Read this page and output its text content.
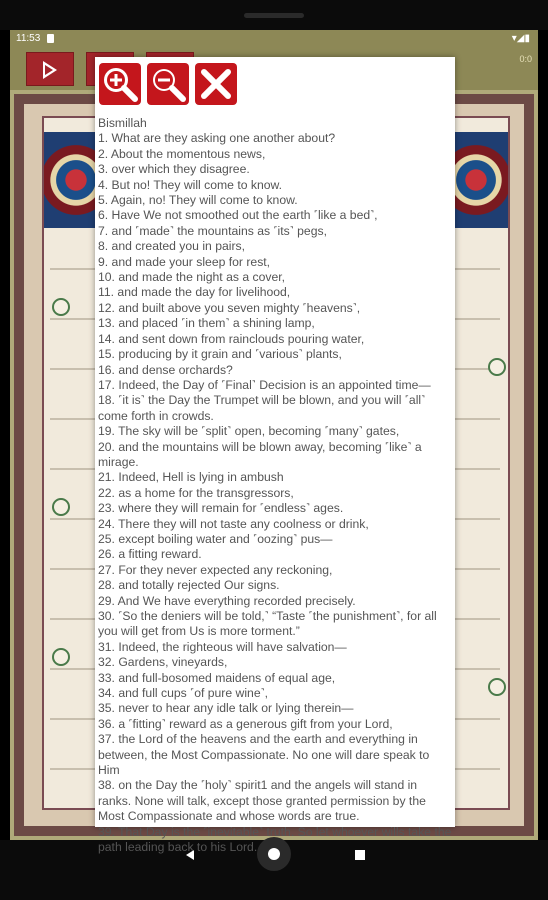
11:53	▾◢▮
0:0
Bismillah
1. What are they asking one another about?
2. About the momentous news,
3. over which they disagree.
4. But no! They will come to know.
5. Again, no! They will come to know.
6. Have We not smoothed out the earth ˹like a bed˺,
7. and ˹made˺ the mountains as ˹its˺ pegs,
8. and created you in pairs,
9. and made your sleep for rest,
10. and made the night as a cover,
11. and made the day for livelihood,
12. and built above you seven mighty ˹heavens˺,
13. and placed ˹in them˺ a shining lamp,
14. and sent down from rainclouds pouring water,
15. producing by it grain and ˹various˺ plants,
16. and dense orchards?
17. Indeed, the Day of ˹Final˺ Decision is an appointed time—
18. ˹it is˺ the Day the Trumpet will be blown, and you will ˹all˺ come forth in crowds.
19. The sky will be ˹split˺ open, becoming ˹many˺ gates,
20. and the mountains will be blown away, becoming ˹like˺ a mirage.
21. Indeed, Hell is lying in ambush
22. as a home for the transgressors,
23. where they will remain for ˹endless˺ ages.
24. There they will not taste any coolness or drink,
25. except boiling water and ˹oozing˺ pus—
26. a fitting reward.
27. For they never expected any reckoning,
28. and totally rejected Our signs.
29. And We have everything recorded precisely.
30. ˹So the deniers will be told,˺ “Taste ˹the punishment˺, for all you will get from Us is more torment.”
31. Indeed, the righteous will have salvation—
32. Gardens, vineyards,
33. and full-bosomed maidens of equal age,
34. and full cups ˹of pure wine˺,
35. never to hear any idle talk or lying therein—
36. a ˹fitting˺ reward as a generous gift from your Lord,
37. the Lord of the heavens and the earth and everything in between, the Most Compassionate. No one will dare speak to Him
38. on the Day the ˹holy˺ spirit1 and the angels will stand in ranks. None will talk, except those granted permission by the Most Compassionate and whose words are true.
39. That Day is the ˹inevitable˺ truth. So let whoever wills take the path leading back to his Lord.
